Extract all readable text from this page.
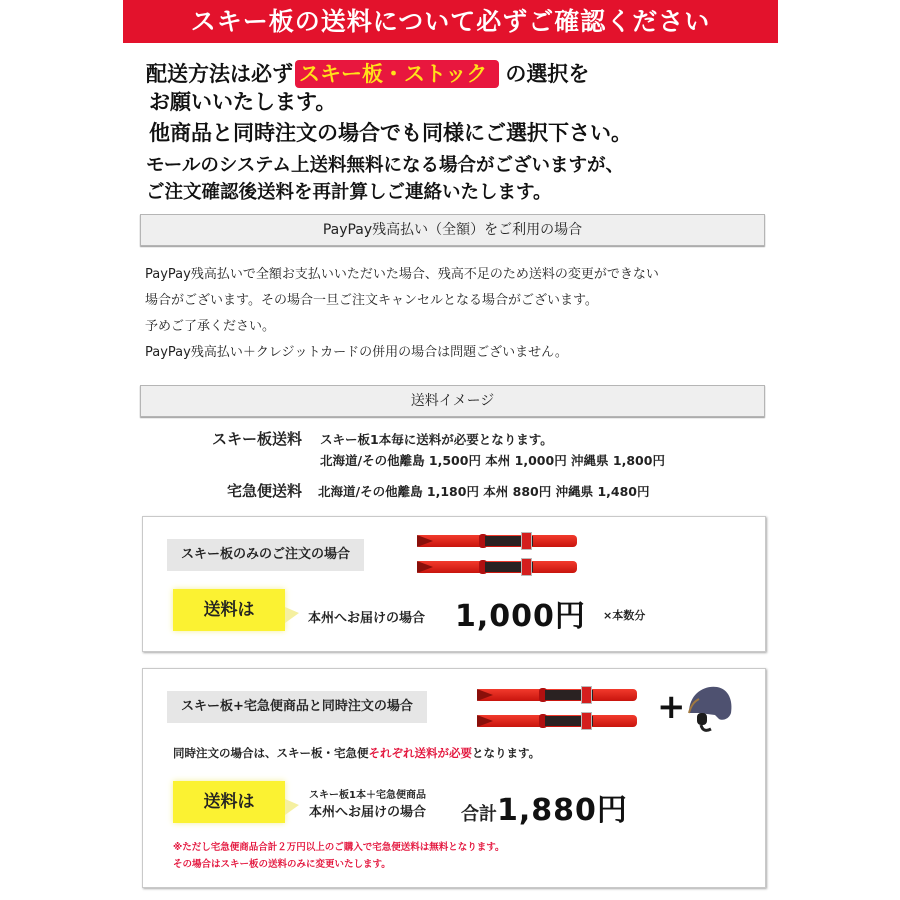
スキー板の送料について必ずご確認ください
配送方法は必ず スキー板・ストック の選択を
お願いいたします。
他商品と同時注文の場合でも同様にご選択下さい。
モールのシステム上送料無料になる場合がございますが、
ご注文確認後送料を再計算しご連絡いたします。
PayPay残高払い（全額）をご利用の場合
PayPay残高払いで全額お支払いいただいた場合、残高不足のため送料の変更ができない
場合がございます。その場合一旦ご注文キャンセルとなる場合がございます。
予めご了承ください。
PayPay残高払い＋クレジットカードの併用の場合は問題ございません。
送料イメージ
スキー板送料 スキー板1本毎に送料が必要となります。
北海道/その他離島 1,500円 本州 1,000円 沖縄県 1,800円
宅急便送料 北海道/その他離島 1,180円 本州 880円 沖縄県 1,480円
スキー板のみのご注文の場合
送料は	本州へお届けの場合 1,000円 ×本数分
スキー板+宅急便商品と同時注文の場合	+
同時注文の場合は、スキー板・宅急便それぞれ送料が必要となります。
送料は	スキー板1本＋宅急便商品
本州へお届けの場合 合計1,880円
※ただし宅急便商品合計２万円以上のご購入で宅急便送料は無料となります。
その場合はスキー板の送料のみに変更いたします。
